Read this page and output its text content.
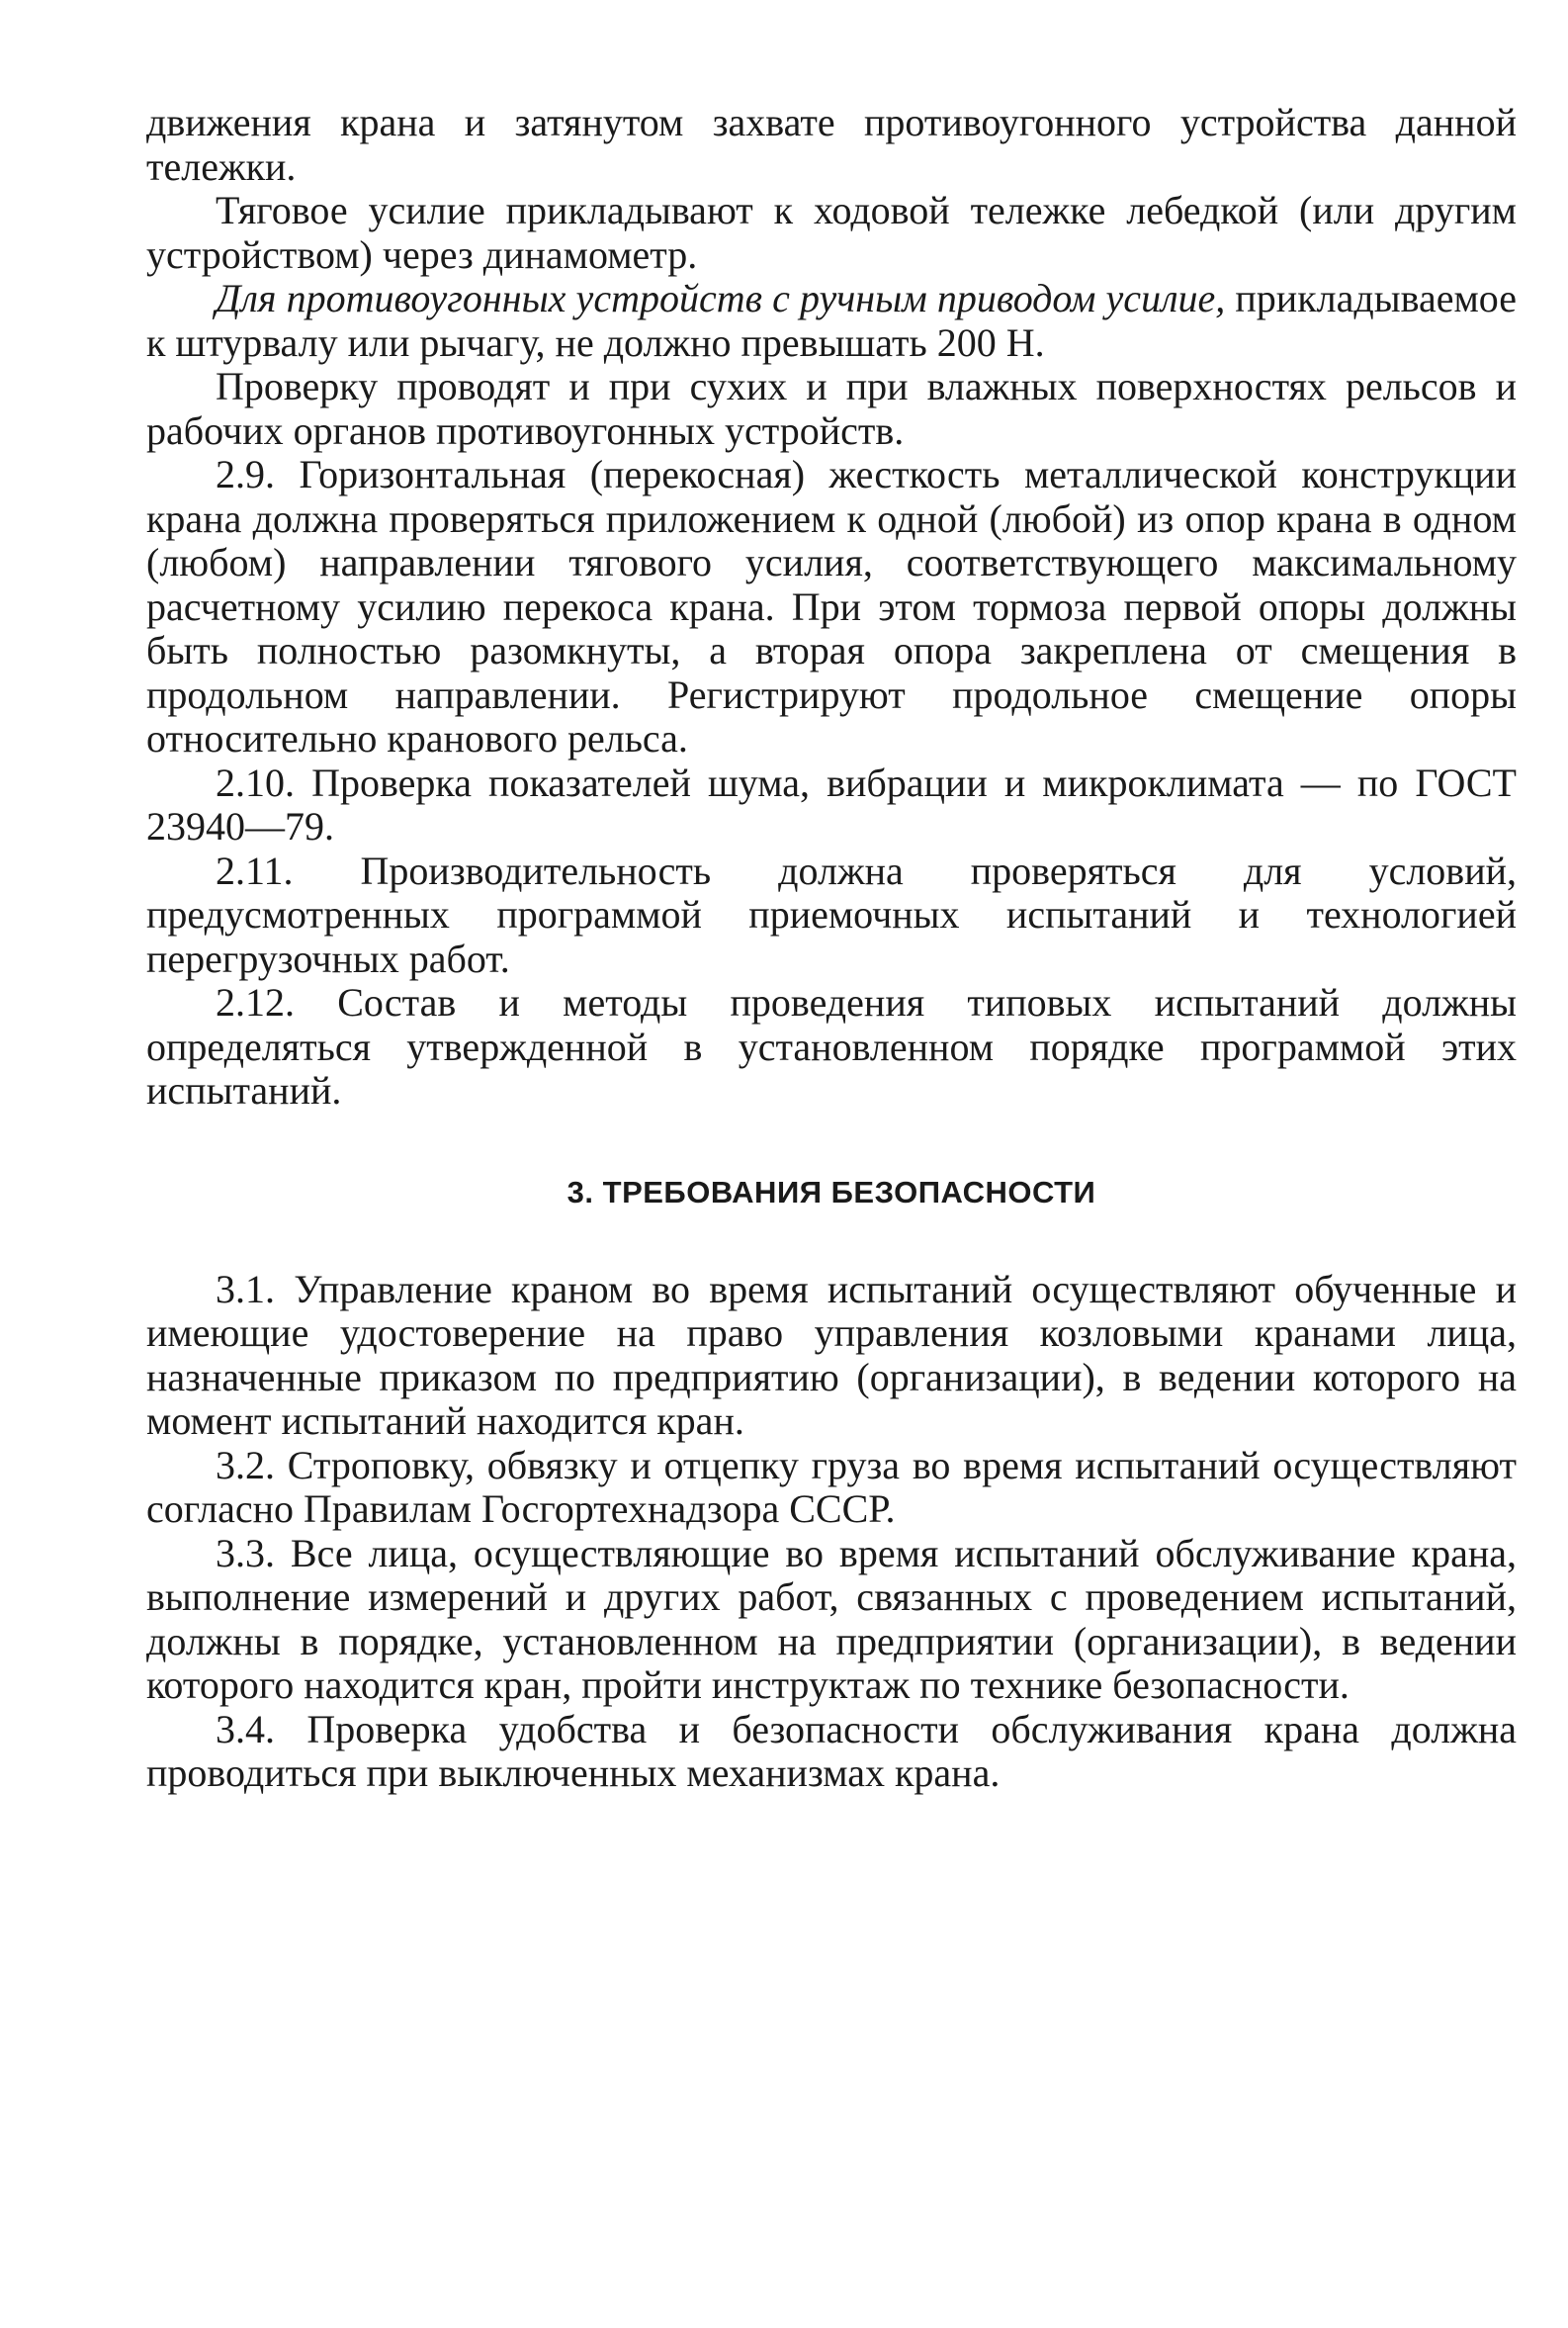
движения крана и затянутом захвате противоугонного устройства данной тележки.

Тяговое усилие прикладывают к ходовой тележке лебедкой (или другим устройством) через динамометр.

Для противоугонных устройств с ручным приводом усилие, прикладываемое к штурвалу или рычагу, не должно превышать 200 Н.

Проверку проводят и при сухих и при влажных поверхностях рельсов и рабочих органов противоугонных устройств.

2.9. Горизонтальная (перекосная) жесткость металлической конструкции крана должна проверяться приложением к одной (любой) из опор крана в одном (любом) направлении тягового усилия, соответствующего максимальному расчетному усилию перекоса крана. При этом тормоза первой опоры должны быть полностью разомкнуты, а вторая опора закреплена от смещения в продольном направлении. Регистрируют продольное смещение опоры относительно кранового рельса.

2.10. Проверка показателей шума, вибрации и микроклимата — по ГОСТ 23940—79.

2.11. Производительность должна проверяться для условий, предусмотренных программой приемочных испытаний и технологией перегрузочных работ.

2.12. Состав и методы проведения типовых испытаний должны определяться утвержденной в установленном порядке программой этих испытаний.

3. ТРЕБОВАНИЯ БЕЗОПАСНОСТИ

3.1. Управление краном во время испытаний осуществляют обученные и имеющие удостоверение на право управления козловыми кранами лица, назначенные приказом по предприятию (организации), в ведении которого на момент испытаний находится кран.

3.2. Строповку, обвязку и отцепку груза во время испытаний осуществляют согласно Правилам Госгортехнадзора СССР.

3.3. Все лица, осуществляющие во время испытаний обслуживание крана, выполнение измерений и других работ, связанных с проведением испытаний, должны в порядке, установленном на предприятии (организации), в ведении которого находится кран, пройти инструктаж по технике безопасности.

3.4. Проверка удобства и безопасности обслуживания крана должна проводиться при выключенных механизмах крана.
